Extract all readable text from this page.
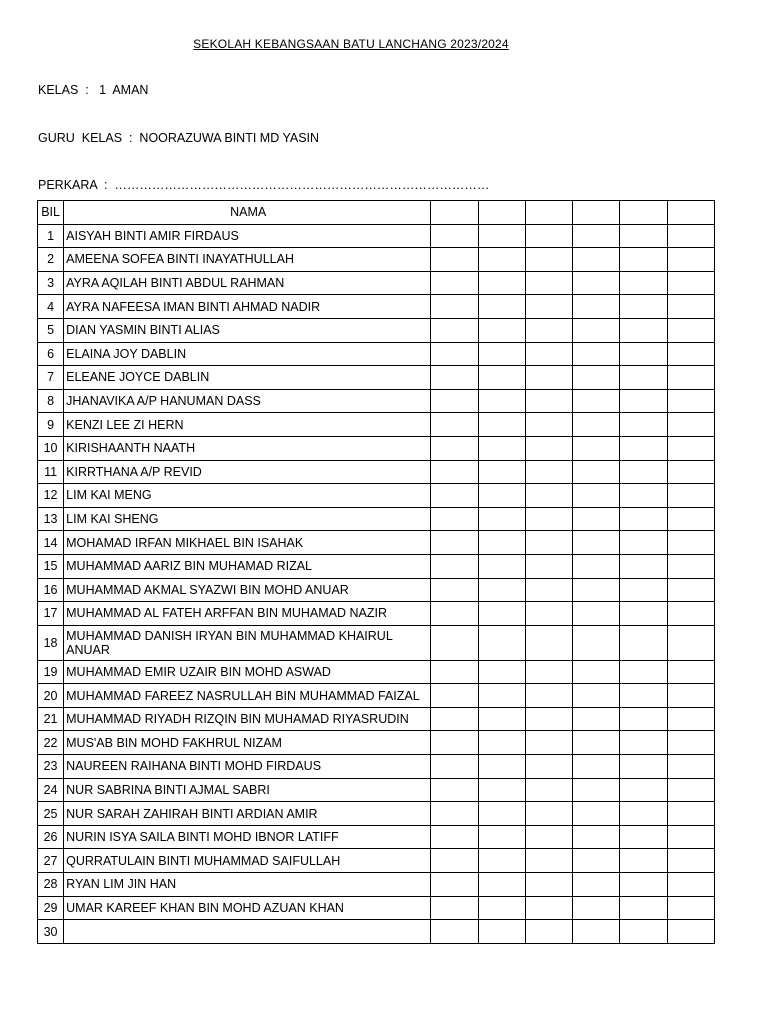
SEKOLAH KEBANGSAAN BATU LANCHANG 2023/2024
KELAS  :   1  AMAN
GURU  KELAS  :  NOORAZUWA BINTI MD YASIN
PERKARA  :  ………………………………………………………………………………
BIL	NAMA						
1	AISYAH BINTI AMIR FIRDAUS						
2	AMEENA SOFEA BINTI INAYATHULLAH						
3	AYRA AQILAH BINTI ABDUL RAHMAN						
4	AYRA NAFEESA IMAN BINTI AHMAD NADIR						
5	DIAN YASMIN BINTI ALIAS						
6	ELAINA JOY DABLIN						
7	ELEANE JOYCE DABLIN						
8	JHANAVIKA A/P HANUMAN DASS						
9	KENZI LEE ZI HERN						
10	KIRISHAANTH NAATH						
11	KIRRTHANA A/P REVID						
12	LIM KAI MENG						
13	LIM KAI SHENG						
14	MOHAMAD IRFAN MIKHAEL BIN ISAHAK						
15	MUHAMMAD AARIZ BIN MUHAMAD RIZAL						
16	MUHAMMAD AKMAL SYAZWI BIN MOHD ANUAR						
17	MUHAMMAD AL FATEH ARFFAN BIN MUHAMAD NAZIR						
18	MUHAMMAD DANISH IRYAN BIN MUHAMMAD KHAIRUL ANUAR						
19	MUHAMMAD EMIR UZAIR BIN MOHD ASWAD						
20	MUHAMMAD FAREEZ NASRULLAH BIN MUHAMMAD FAIZAL						
21	MUHAMMAD RIYADH RIZQIN BIN MUHAMAD RIYASRUDIN						
22	MUS'AB BIN MOHD FAKHRUL NIZAM						
23	NAUREEN RAIHANA BINTI MOHD FIRDAUS						
24	NUR SABRINA BINTI AJMAL SABRI						
25	NUR SARAH ZAHIRAH BINTI ARDIAN AMIR						
26	NURIN ISYA SAILA BINTI MOHD IBNOR LATIFF						
27	QURRATULAIN BINTI MUHAMMAD SAIFULLAH						
28	RYAN LIM JIN HAN						
29	UMAR KAREEF KHAN BIN MOHD AZUAN KHAN						
30							
